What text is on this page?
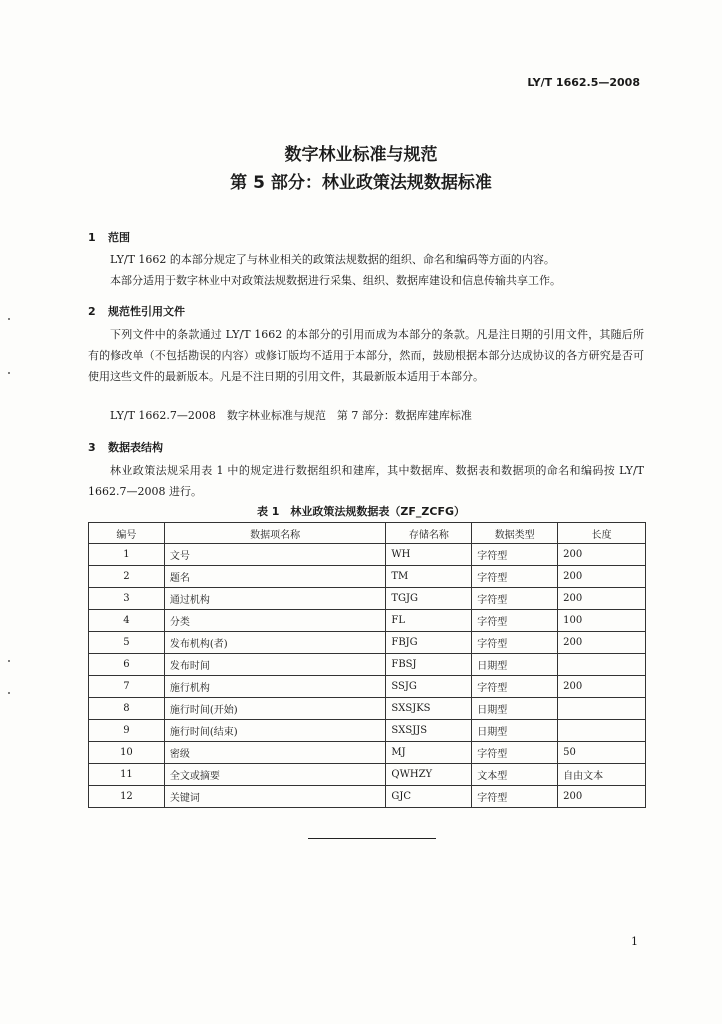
LY/T 1662.5—2008
数字林业标准与规范
第 5 部分：林业政策法规数据标准
1 范围
LY/T 1662 的本部分规定了与林业相关的政策法规数据的组织、命名和编码等方面的内容。
本部分适用于数字林业中对政策法规数据进行采集、组织、数据库建设和信息传输共享工作。
2 规范性引用文件
下列文件中的条款通过 LY/T 1662 的本部分的引用而成为本部分的条款。凡是注日期的引用文件，其随后所有的修改单（不包括勘误的内容）或修订版均不适用于本部分，然而，鼓励根据本部分达成协议的各方研究是否可使用这些文件的最新版本。凡是不注日期的引用文件，其最新版本适用于本部分。
LY/T 1662.7—2008　数字林业标准与规范　第 7 部分：数据库建库标准
3 数据表结构
林业政策法规采用表 1 中的规定进行数据组织和建库，其中数据库、数据表和数据项的命名和编码按 LY/T 1662.7—2008 进行。
表 1　林业政策法规数据表（ZF_ZCFG）
编号	数据项名称	存储名称	数据类型	长度
1	文号	WH	字符型	200
2	题名	TM	字符型	200
3	通过机构	TGJG	字符型	200
4	分类	FL	字符型	100
5	发布机构(者)	FBJG	字符型	200
6	发布时间	FBSJ	日期型	
7	施行机构	SSJG	字符型	200
8	施行时间(开始)	SXSJKS	日期型	
9	施行时间(结束)	SXSJJS	日期型	
10	密级	MJ	字符型	50
11	全文或摘要	QWHZY	文本型	自由文本
12	关键词	GJC	字符型	200
1
